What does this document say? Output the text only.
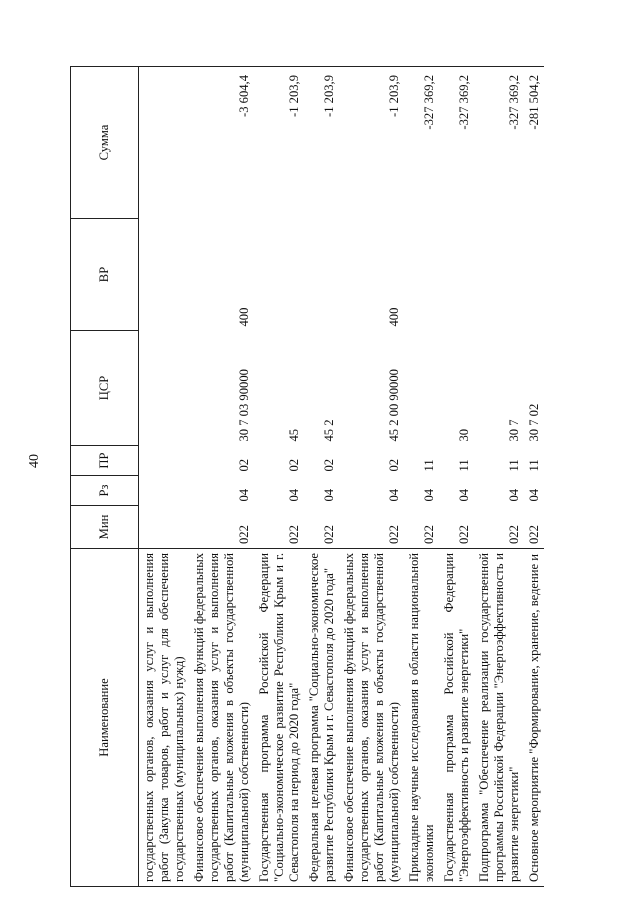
40
Наименование	Мин	Рз	ПР	ЦСР	ВР	Сумма
государственных органов, оказания услуг и выполнения работ (Закупка товаров, работ и услуг для обеспечения государственных (муниципальных) нужд)						
Финансовое обеспечение выполнения функций федеральных государственных органов, оказания услуг и выполнения работ (Капитальные вложения в объекты государственной (муниципальной) собственности)	022	04	02	30 7 03 90000	400	-3 604,4
Государственная программа Российской Федерации "Социально-экономическое развитие Республики Крым и г. Севастополя на период до 2020 года"	022	04	02	45		-1 203,9
Федеральная целевая программа "Социально-экономическое развитие Республики Крым и г. Севастополя до 2020 года"	022	04	02	45 2		-1 203,9
Финансовое обеспечение выполнения функций федеральных государственных органов, оказания услуг и выполнения работ (Капитальные вложения в объекты государственной (муниципальной) собственности)	022	04	02	45 2 00 90000	400	-1 203,9
Прикладные научные исследования в области национальной экономики	022	04	11			-327 369,2
Государственная программа Российской Федерации "Энергоэффективность и развитие энергетики"	022	04	11	30		-327 369,2
Подпрограмма "Обеспечение реализации государственной программы Российской Федерации "Энергоэффективность и развитие энергетики"	022	04	11	30 7		-327 369,2
Основное мероприятие "Формирование, хранение, ведение и	022	04	11	30 7 02		-281 504,2
